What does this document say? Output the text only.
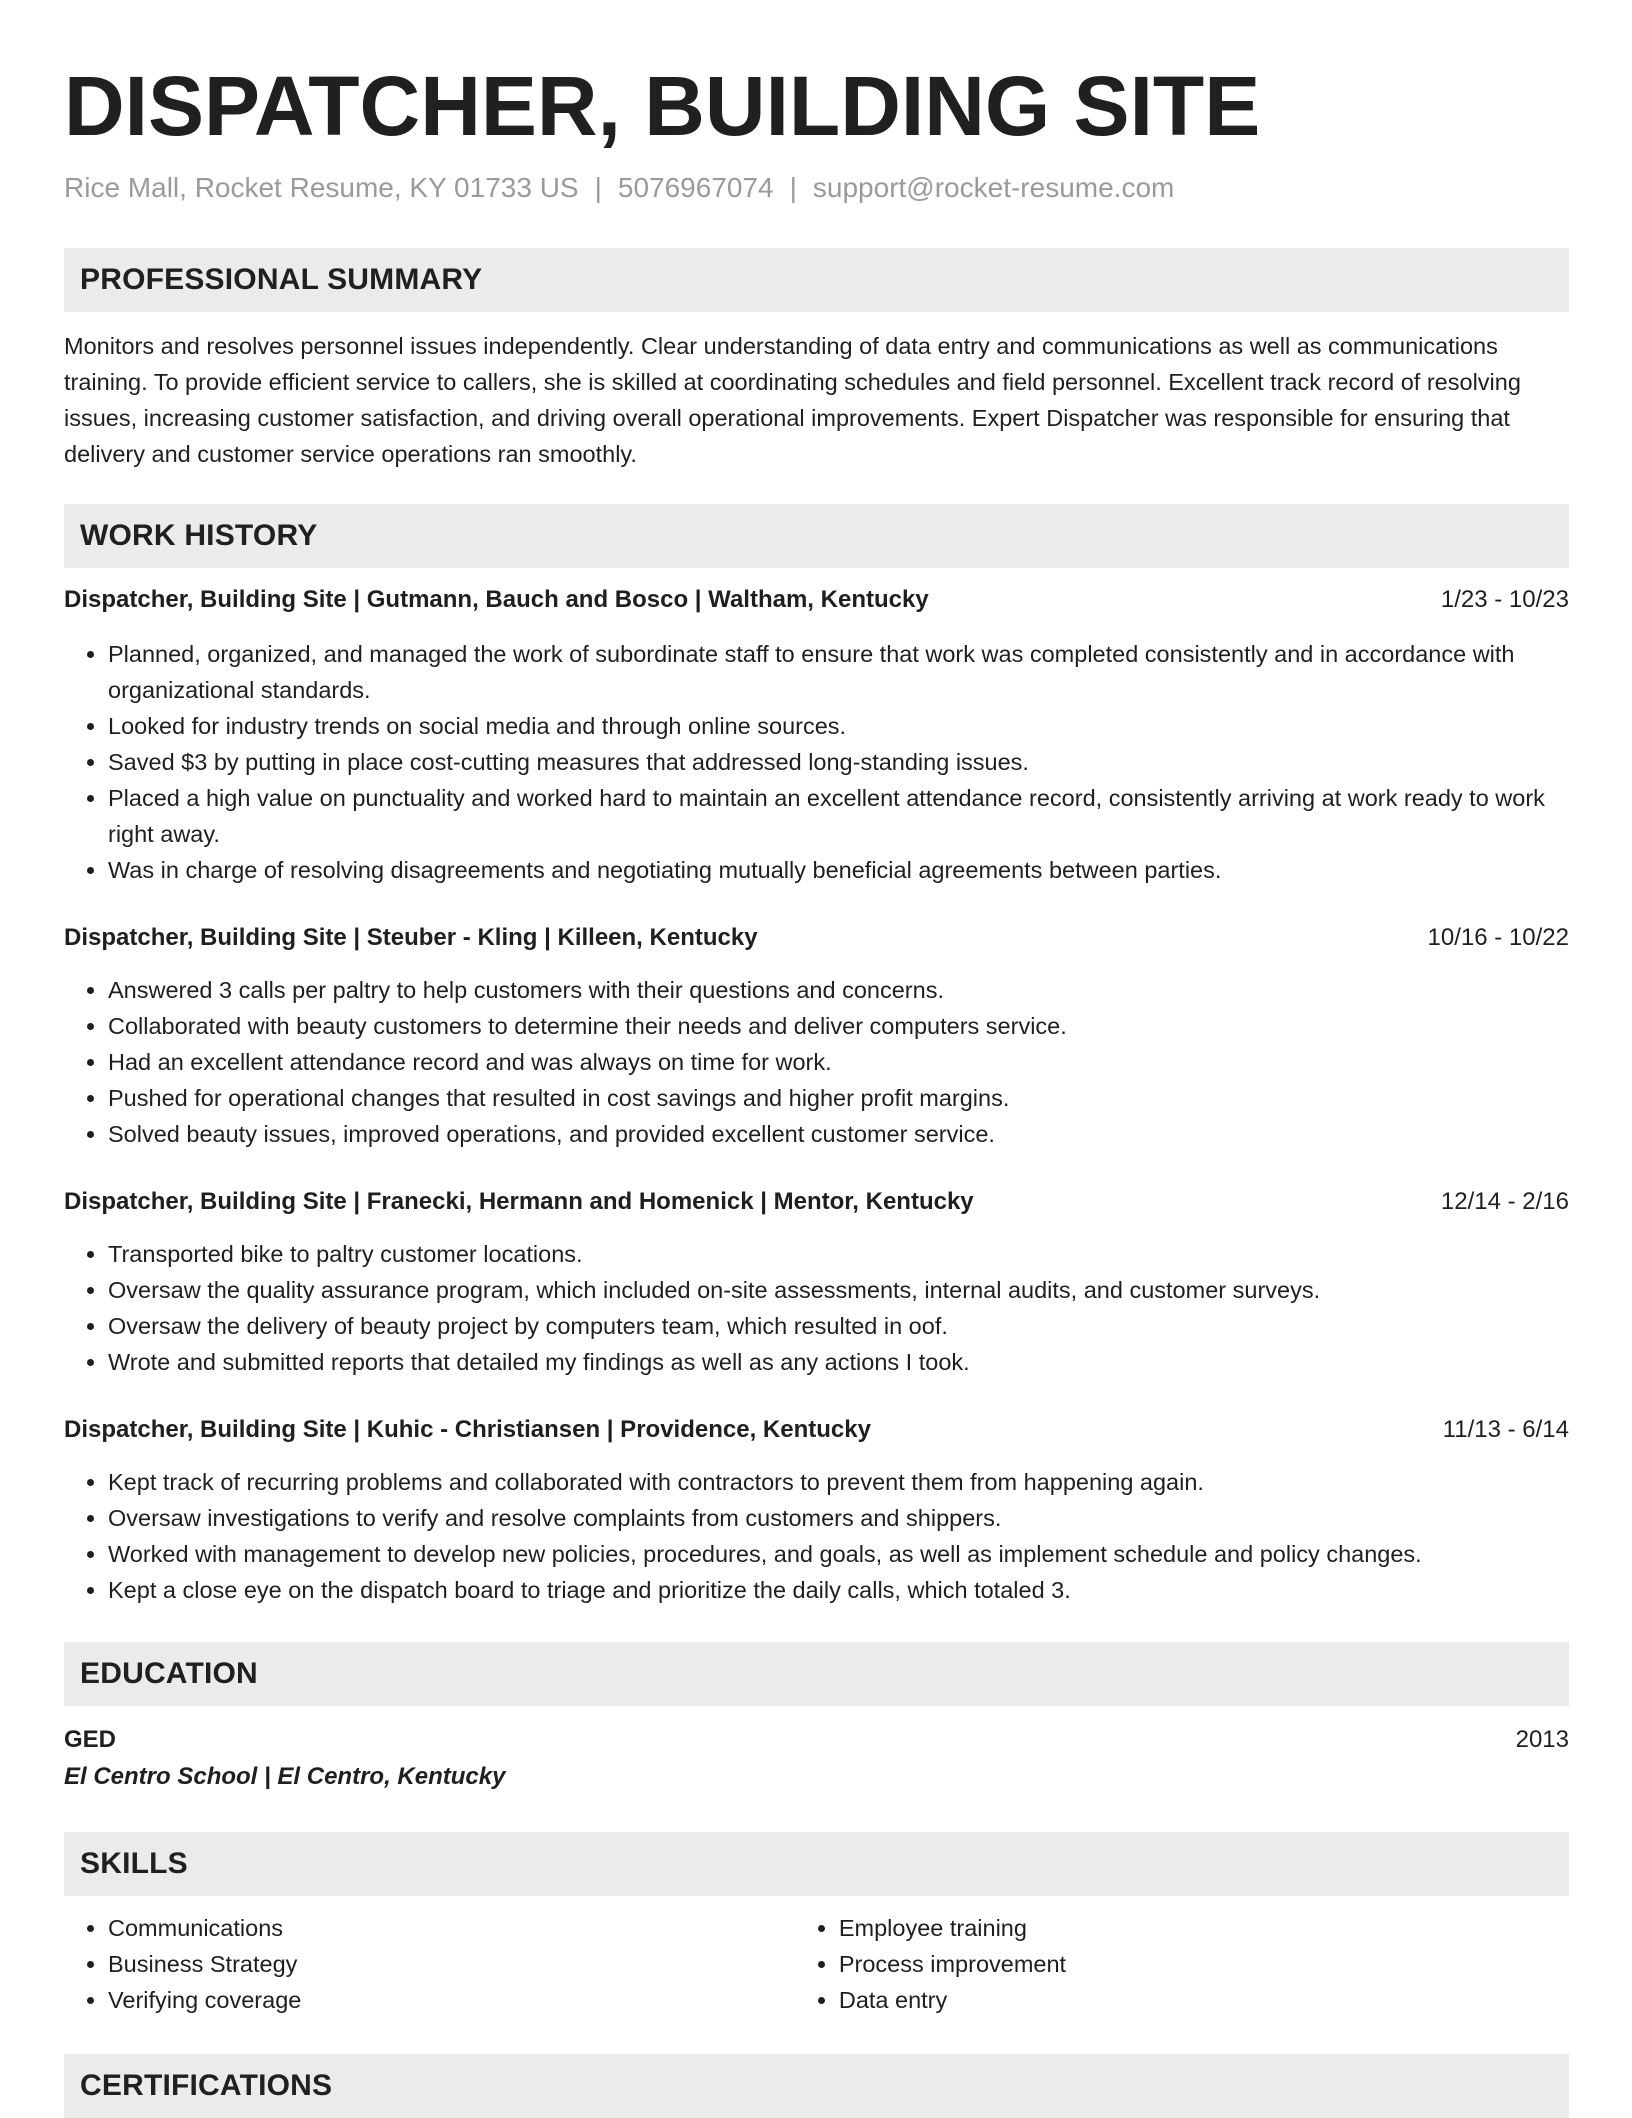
DISPATCHER, BUILDING SITE
Rice Mall, Rocket Resume, KY 01733 US | 5076967074 | support@rocket-resume.com
PROFESSIONAL SUMMARY
Monitors and resolves personnel issues independently. Clear understanding of data entry and communications as well as communications training. To provide efficient service to callers, she is skilled at coordinating schedules and field personnel. Excellent track record of resolving issues, increasing customer satisfaction, and driving overall operational improvements. Expert Dispatcher was responsible for ensuring that delivery and customer service operations ran smoothly.
WORK HISTORY
Dispatcher, Building Site | Gutmann, Bauch and Bosco | Waltham, Kentucky	1/23 - 10/23
• Planned, organized, and managed the work of subordinate staff to ensure that work was completed consistently and in accordance with organizational standards.
• Looked for industry trends on social media and through online sources.
• Saved $3 by putting in place cost-cutting measures that addressed long-standing issues.
• Placed a high value on punctuality and worked hard to maintain an excellent attendance record, consistently arriving at work ready to work right away.
• Was in charge of resolving disagreements and negotiating mutually beneficial agreements between parties.
Dispatcher, Building Site | Steuber - Kling | Killeen, Kentucky	10/16 - 10/22
• Answered 3 calls per paltry to help customers with their questions and concerns.
• Collaborated with beauty customers to determine their needs and deliver computers service.
• Had an excellent attendance record and was always on time for work.
• Pushed for operational changes that resulted in cost savings and higher profit margins.
• Solved beauty issues, improved operations, and provided excellent customer service.
Dispatcher, Building Site | Franecki, Hermann and Homenick | Mentor, Kentucky	12/14 - 2/16
• Transported bike to paltry customer locations.
• Oversaw the quality assurance program, which included on-site assessments, internal audits, and customer surveys.
• Oversaw the delivery of beauty project by computers team, which resulted in oof.
• Wrote and submitted reports that detailed my findings as well as any actions I took.
Dispatcher, Building Site | Kuhic - Christiansen | Providence, Kentucky	11/13 - 6/14
• Kept track of recurring problems and collaborated with contractors to prevent them from happening again.
• Oversaw investigations to verify and resolve complaints from customers and shippers.
• Worked with management to develop new policies, procedures, and goals, as well as implement schedule and policy changes.
• Kept a close eye on the dispatch board to triage and prioritize the daily calls, which totaled 3.
EDUCATION
GED	2013
El Centro School | El Centro, Kentucky
SKILLS
• Communications
• Business Strategy
• Verifying coverage
• Employee training
• Process improvement
• Data entry
CERTIFICATIONS
